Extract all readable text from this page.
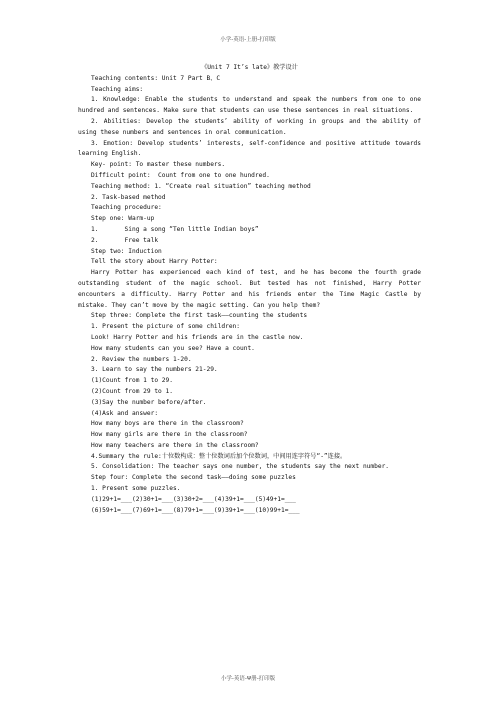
小学-英语-上册-打印版
《Unit 7 It’s late》教学设计
Teaching contents: Unit 7 Part B、C
Teaching aims:
1. Knowledge: Enable the students to understand and speak the numbers from one to one hundred and sentences. Make sure that students can use these sentences in real situations.
2. Abilities: Develop the students’ ability of working in groups and the ability of using these numbers and sentences in oral communication.
3. Emotion: Develop students’ interests, self-confidence and positive attitude towards learning English.
Key- point: To master these numbers.
Difficult point:  Count from one to one hundred.
Teaching method: 1. “Create real situation” teaching method
2. Task-based method
Teaching procedure:
Step one: Warm-up
1.       Sing a song “Ten little Indian boys”
2.       Free talk
Step two: Induction
Tell the story about Harry Potter:
Harry Potter has experienced each kind of test, and he has become the fourth grade outstanding student of the magic school. But tested has not finished, Harry Potter encounters a difficulty. Harry Potter and his friends enter the Time Magic Castle by mistake. They can’t move by the magic setting. Can you help them?
Step three: Complete the first task——counting the students
1. Present the picture of some children:
Look! Harry Potter and his friends are in the castle now.
How many students can you see? Have a count.
2. Review the numbers 1-20.
3. Learn to say the numbers 21-29.
(1)Count from 1 to 29.
(2)Count from 29 to 1.
(3)Say the number before/after.
(4)Ask and answer:
How many boys are there in the classroom?
How many girls are there in the classroom?
How many teachers are there in the classroom?
4.Summary the rule:十位数构成：整十位数词后加个位数词，中间用连字符号“-”连接。
5. Consolidation: The teacher says one number, the students say the next number.
Step four: Complete the second task——doing some puzzles
1. Present some puzzles.
(1)29+1=___(2)30+1=___(3)30+2=___(4)39+1=___(5)49+1=___
(6)59+1=___(7)69+1=___(8)79+1=___(9)39+1=___(10)99+1=___
小学-英语-Ψ册-打印版
